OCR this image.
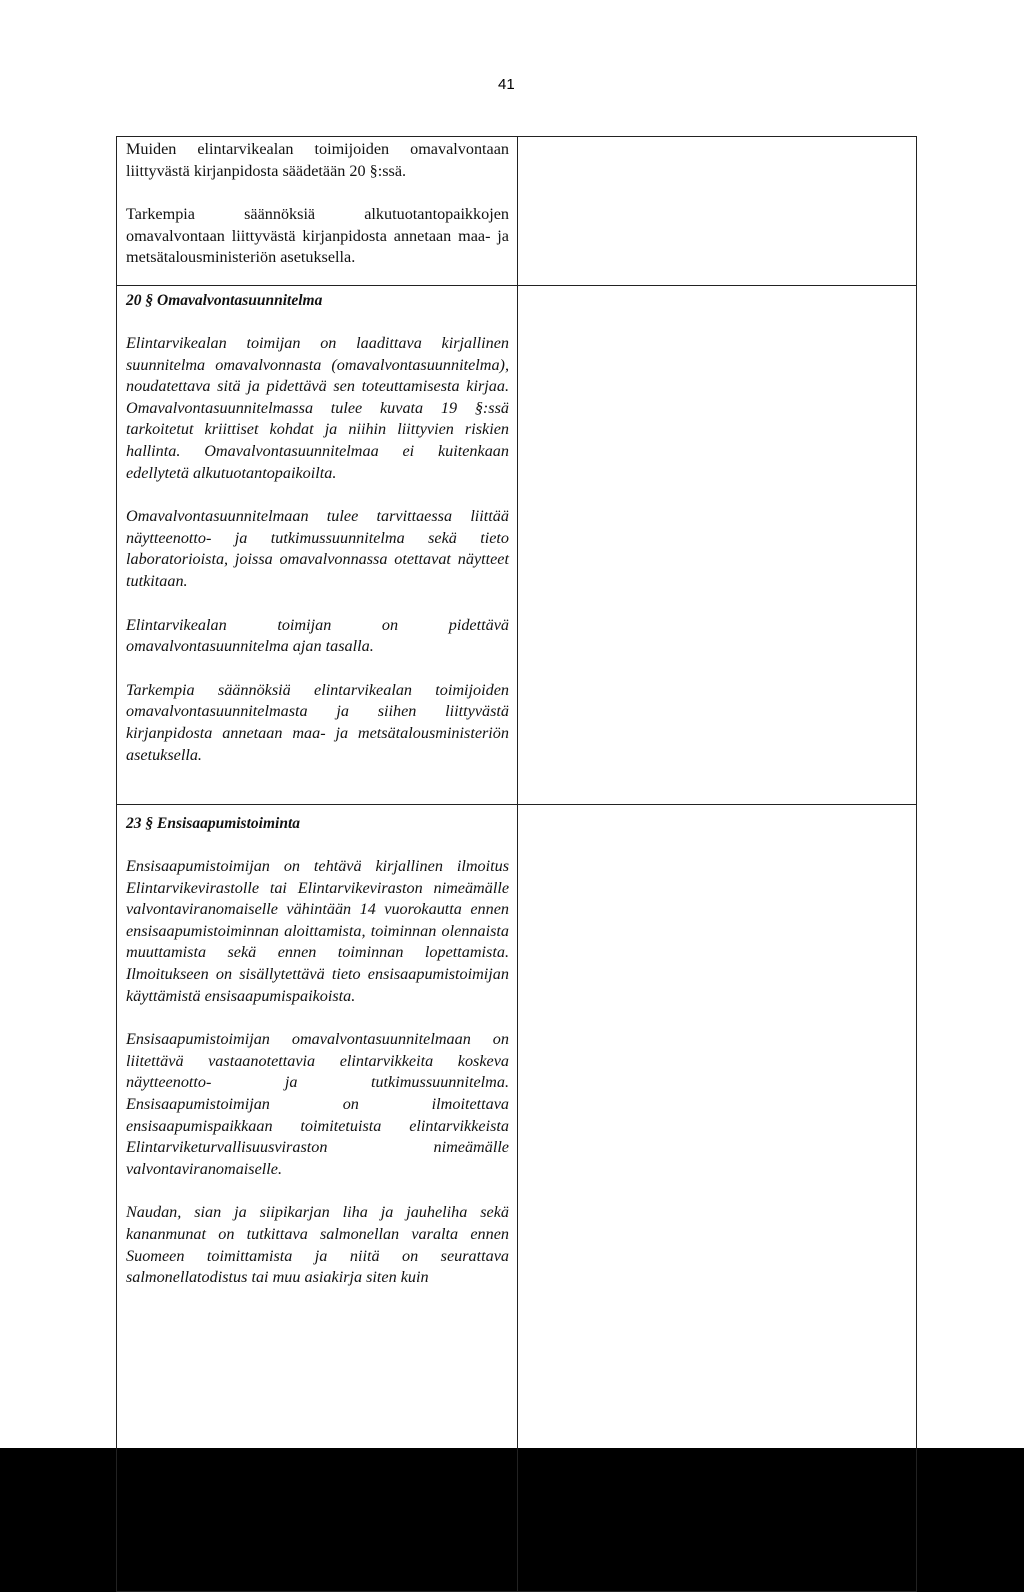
41

Muiden elintarvikealan toimijoiden omavalvontaan liittyvästä kirjanpidosta säädetään 20 §:ssä.

Tarkempia säännöksiä alkutuotantopaikkojen omavalvontaan liittyvästä kirjanpidosta annetaan maa- ja metsätalousministeriön asetuksella.	

20 § Omavalvontasuunnitelma

Elintarvikealan toimijan on laadittava kirjallinen suunnitelma omavalvonnasta (omavalvontasuunnitelma), noudatettava sitä ja pidettävä sen toteuttamisesta kirjaa. Omavalvontasuunnitelmassa tulee kuvata 19 §:ssä tarkoitetut kriittiset kohdat ja niihin liittyvien riskien hallinta. Omavalvontasuunnitelmaa ei kuitenkaan edellytetä alkutuotantopaikoilta.

Omavalvontasuunnitelmaan tulee tarvittaessa liittää näytteenotto- ja tutkimussuunnitelma sekä tieto laboratorioista, joissa omavalvonnassa otettavat näytteet tutkitaan.

Elintarvikealan toimijan on pidettävä omavalvontasuunnitelma ajan tasalla.

Tarkempia säännöksiä elintarvikealan toimijoiden omavalvontasuunnitelmasta ja siihen liittyvästä kirjanpidosta annetaan maa- ja metsätalousministeriön asetuksella.	

23 § Ensisaapumistoiminta

Ensisaapumistoimijan on tehtävä kirjallinen ilmoitus Elintarvikevirastolle tai Elintarvikeviraston nimeämälle valvontaviranomaiselle vähintään 14 vuorokautta ennen ensisaapumistoiminnan aloittamista, toiminnan olennaista muuttamista sekä ennen toiminnan lopettamista. Ilmoitukseen on sisällytettävä tieto ensisaapumistoimijan käyttämistä ensisaapumispaikoista.

Ensisaapumistoimijan omavalvontasuunnitelmaan on liitettävä vastaanotettavia elintarvikkeita koskeva näytteenotto- ja tutkimussuunnitelma. Ensisaapumistoimijan on ilmoitettava ensisaapumispaikkaan toimitetuista elintarvikkeista Elintarviketurvallisuusviraston nimeämälle valvontaviranomaiselle.

Naudan, sian ja siipikarjan liha ja jauheliha sekä kananmunat on tutkittava salmonellan varalta ennen Suomeen toimittamista ja niitä on seurattava salmonellatodistus tai muu asiakirja siten kuin	
